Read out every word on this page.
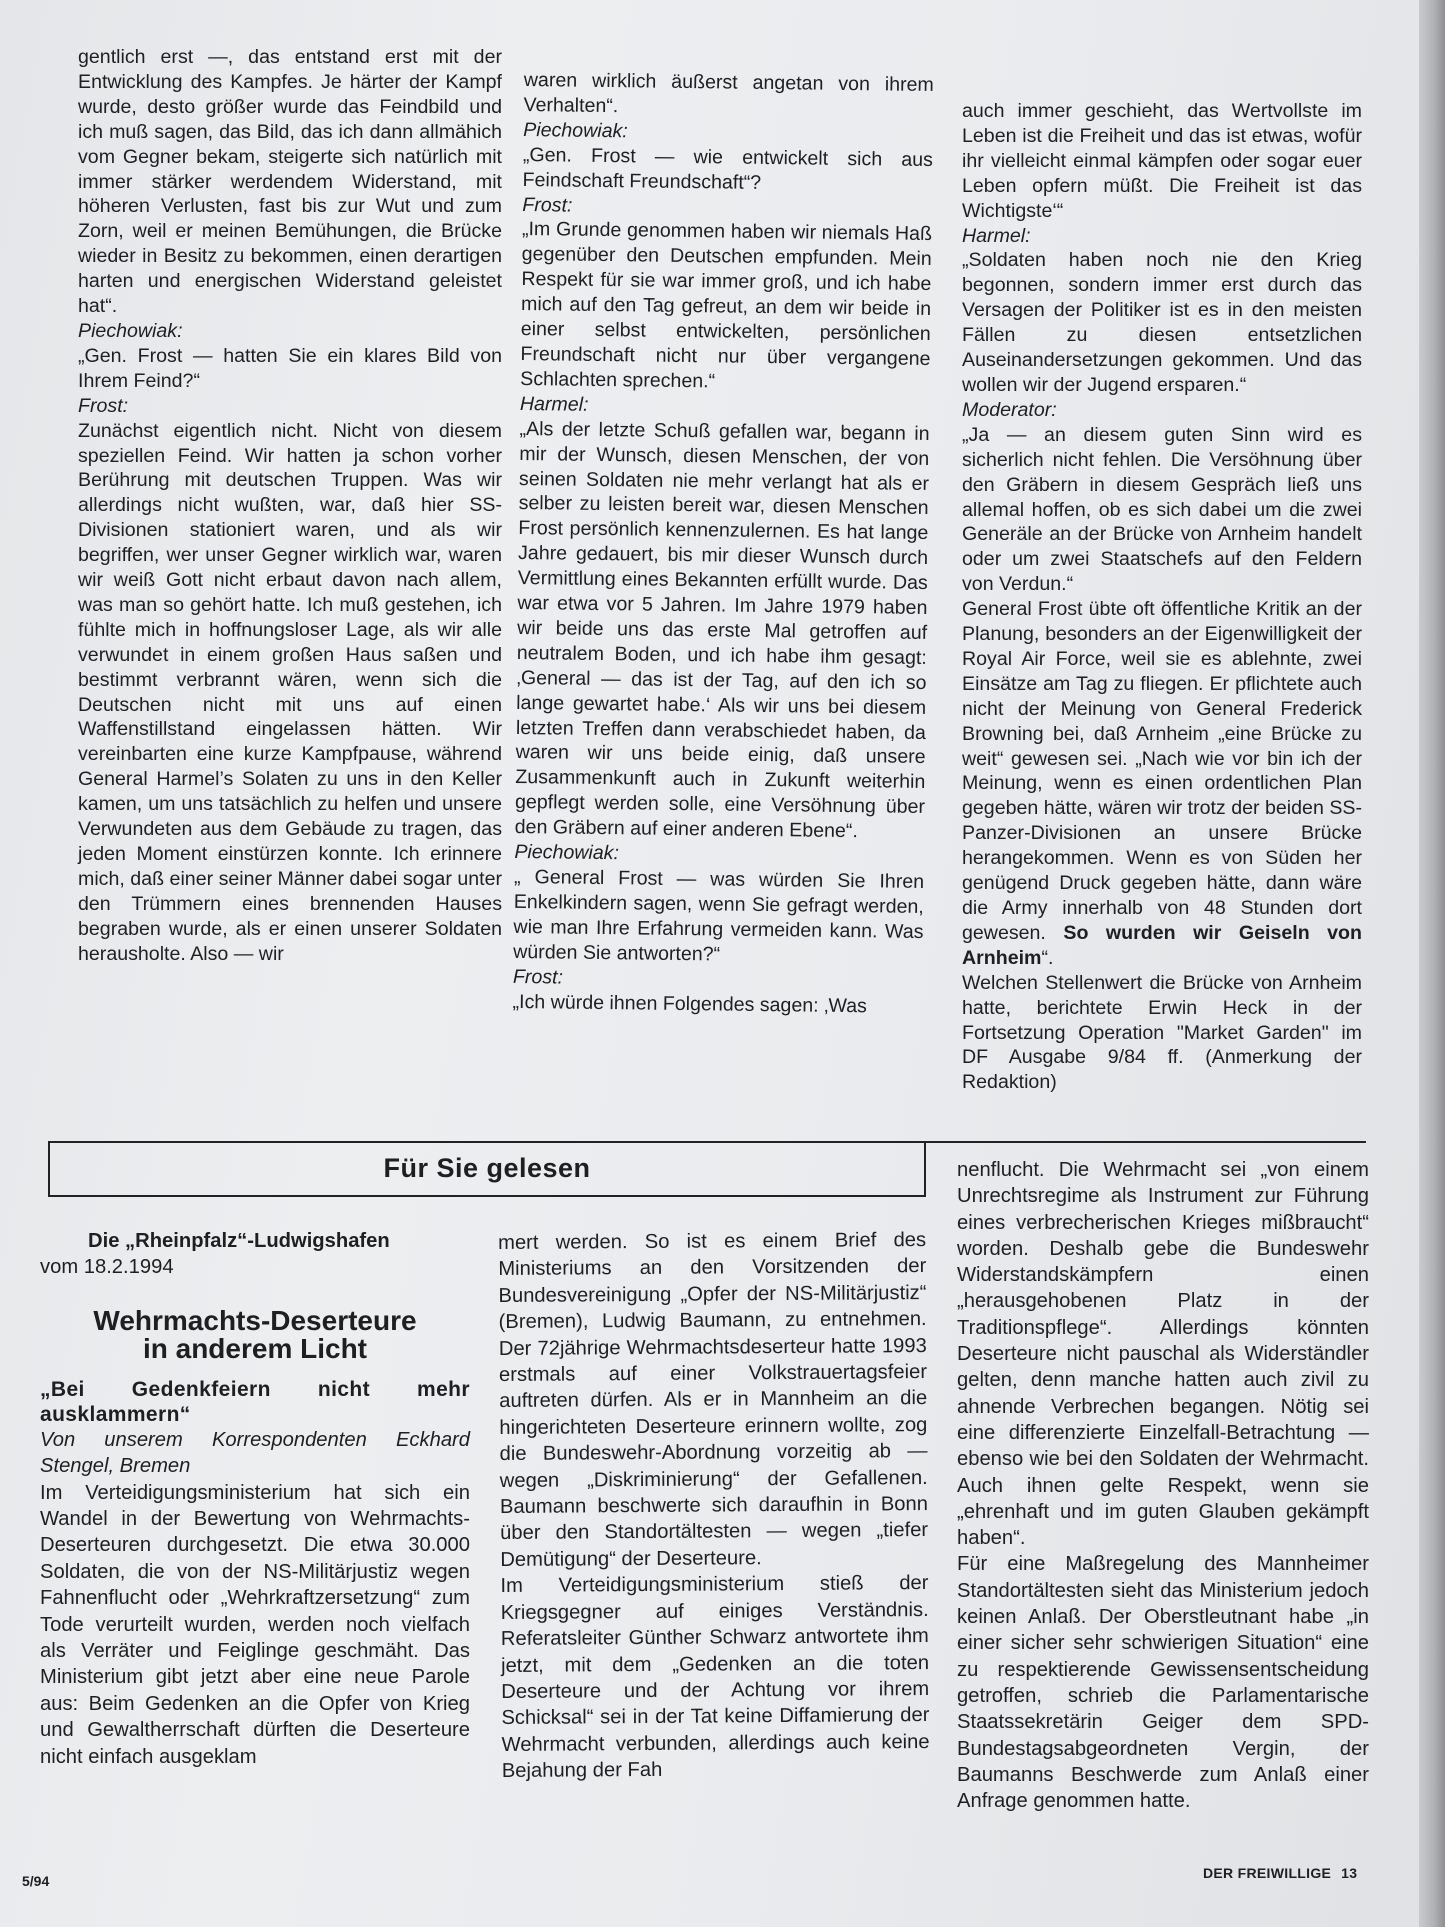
gentlich erst —, das entstand erst mit der Entwicklung des Kampfes. Je härter der Kampf wurde, desto größer wurde das Feindbild und ich muß sagen, das Bild, das ich dann allmähich vom Gegner bekam, steigerte sich natürlich mit immer stärker werdendem Widerstand, mit höheren Verlusten, fast bis zur Wut und zum Zorn, weil er meinen Bemühungen, die Brücke wieder in Besitz zu bekommen, einen derartigen harten und energischen Widerstand geleistet hat“.

Piechowiak:

„Gen. Frost — hatten Sie ein klares Bild von Ihrem Feind?“

Frost:

Zunächst eigentlich nicht. Nicht von diesem speziellen Feind. Wir hatten ja schon vorher Berührung mit deutschen Truppen. Was wir allerdings nicht wußten, war, daß hier SS-Divisionen stationiert waren, und als wir begriffen, wer unser Gegner wirklich war, waren wir weiß Gott nicht erbaut davon nach allem, was man so gehört hatte. Ich muß gestehen, ich fühlte mich in hoffnungsloser Lage, als wir alle verwundet in einem großen Haus saßen und bestimmt verbrannt wären, wenn sich die Deutschen nicht mit uns auf einen Waffenstillstand eingelassen hätten. Wir vereinbarten eine kurze Kampfpause, während General Harmel’s Solaten zu uns in den Keller kamen, um uns tatsächlich zu helfen und unsere Verwundeten aus dem Gebäude zu tragen, das jeden Moment einstürzen konnte. Ich erinnere mich, daß einer seiner Männer dabei sogar unter den Trümmern eines brennenden Hauses begraben wurde, als er einen unserer Soldaten herausholte. Also — wir

waren wirklich äußerst angetan von ihrem Verhalten“.

Piechowiak:

„Gen. Frost — wie entwickelt sich aus Feindschaft Freundschaft“?

Frost:

„Im Grunde genommen haben wir niemals Haß gegenüber den Deutschen empfunden. Mein Respekt für sie war immer groß, und ich habe mich auf den Tag gefreut, an dem wir beide in einer selbst entwickelten, persönlichen Freundschaft nicht nur über vergangene Schlachten sprechen.“

Harmel:

„Als der letzte Schuß gefallen war, begann in mir der Wunsch, diesen Menschen, der von seinen Soldaten nie mehr verlangt hat als er selber zu leisten bereit war, diesen Menschen Frost persönlich kennenzulernen. Es hat lange Jahre gedauert, bis mir dieser Wunsch durch Vermittlung eines Bekannten erfüllt wurde. Das war etwa vor 5 Jahren. Im Jahre 1979 haben wir beide uns das erste Mal getroffen auf neutralem Boden, und ich habe ihm gesagt: ‚General — das ist der Tag, auf den ich so lange gewartet habe.‘ Als wir uns bei diesem letzten Treffen dann verabschiedet haben, da waren wir uns beide einig, daß unsere Zusammenkunft auch in Zukunft weiterhin gepflegt werden solle, eine Versöhnung über den Gräbern auf einer anderen Ebene“.

Piechowiak:

„ General Frost — was würden Sie Ihren Enkelkindern sagen, wenn Sie gefragt werden, wie man Ihre Erfahrung vermeiden kann. Was würden Sie antworten?“

Frost:

„Ich würde ihnen Folgendes sagen: ‚Was

auch immer geschieht, das Wertvollste im Leben ist die Freiheit und das ist etwas, wofür ihr vielleicht einmal kämpfen oder sogar euer Leben opfern müßt. Die Freiheit ist das Wichtigste‘“

Harmel:

„Soldaten haben noch nie den Krieg begonnen, sondern immer erst durch das Versagen der Politiker ist es in den meisten Fällen zu diesen entsetzlichen Auseinandersetzungen gekommen. Und das wollen wir der Jugend ersparen.“

Moderator:

„Ja — an diesem guten Sinn wird es sicherlich nicht fehlen. Die Versöhnung über den Gräbern in diesem Gespräch ließ uns allemal hoffen, ob es sich dabei um die zwei Generäle an der Brücke von Arnheim handelt oder um zwei Staatschefs auf den Feldern von Verdun.“

General Frost übte oft öffentliche Kritik an der Planung, besonders an der Eigenwilligkeit der Royal Air Force, weil sie es ablehnte, zwei Einsätze am Tag zu fliegen. Er pflichtete auch nicht der Meinung von General Frederick Browning bei, daß Arnheim „eine Brücke zu weit“ gewesen sei. „Nach wie vor bin ich der Meinung, wenn es einen ordentlichen Plan gegeben hätte, wären wir trotz der beiden SS-Panzer-Divisionen an unsere Brücke herangekommen. Wenn es von Süden her genügend Druck gegeben hätte, dann wäre die Army innerhalb von 48 Stunden dort gewesen. So wurden wir Geiseln von Arnheim“.

Welchen Stellenwert die Brücke von Arnheim hatte, berichtete Erwin Heck in der Fortsetzung Operation "Market Garden" im DF Ausgabe 9/84 ff. (Anmerkung der Redaktion)

Für Sie gelesen

Die „Rheinpfalz“-Ludwigshafen

vom 18.2.1994

Wehrmachts-Deserteure
in anderem Licht

„Bei Gedenkfeiern nicht mehr ausklammern“

Von unserem Korrespondenten Eckhard Stengel, Bremen

Im Verteidigungsministerium hat sich ein Wandel in der Bewertung von Wehrmachts-Deserteuren durchgesetzt. Die etwa 30.000 Soldaten, die von der NS-Militärjustiz wegen Fahnenflucht oder „Wehrkraftzersetzung“ zum Tode verurteilt wurden, werden noch vielfach als Verräter und Feiglinge geschmäht. Das Ministerium gibt jetzt aber eine neue Parole aus: Beim Gedenken an die Opfer von Krieg und Gewaltherrschaft dürften die Deserteure nicht einfach ausgeklam

mert werden. So ist es einem Brief des Ministeriums an den Vorsitzenden der Bundesvereinigung „Opfer der NS-Militärjustiz“ (Bremen), Ludwig Baumann, zu entnehmen. Der 72jährige Wehrmachtsdeserteur hatte 1993 erstmals auf einer Volkstrauertagsfeier auftreten dürfen. Als er in Mannheim an die hingerichteten Deserteure erinnern wollte, zog die Bundeswehr-Abordnung vorzeitig ab — wegen „Diskriminierung“ der Gefallenen. Baumann beschwerte sich daraufhin in Bonn über den Standortältesten — wegen „tiefer Demütigung“ der Deserteure.

Im Verteidigungsministerium stieß der Kriegsgegner auf einiges Verständnis. Referatsleiter Günther Schwarz antwortete ihm jetzt, mit dem „Gedenken an die toten Deserteure und der Achtung vor ihrem Schicksal“ sei in der Tat keine Diffamierung der Wehrmacht verbunden, allerdings auch keine Bejahung der Fah

nenflucht. Die Wehrmacht sei „von einem Unrechtsregime als Instrument zur Führung eines verbrecherischen Krieges mißbraucht“ worden. Deshalb gebe die Bundeswehr Widerstandskämpfern einen „herausgehobenen Platz in der Traditionspflege“. Allerdings könnten Deserteure nicht pauschal als Widerständler gelten, denn manche hatten auch zivil zu ahnende Verbrechen begangen. Nötig sei eine differenzierte Einzelfall-Betrachtung — ebenso wie bei den Soldaten der Wehrmacht. Auch ihnen gelte Respekt, wenn sie „ehrenhaft und im guten Glauben gekämpft haben“.

Für eine Maßregelung des Mannheimer Standortältesten sieht das Ministerium jedoch keinen Anlaß. Der Oberstleutnant habe „in einer sicher sehr schwierigen Situation“ eine zu respektierende Gewissensentscheidung getroffen, schrieb die Parlamentarische Staatssekretärin Geiger dem SPD-Bundestagsabgeordneten Vergin, der Baumanns Beschwerde zum Anlaß einer Anfrage genommen hatte.

5/94	DER FREIWILLIGE 13
